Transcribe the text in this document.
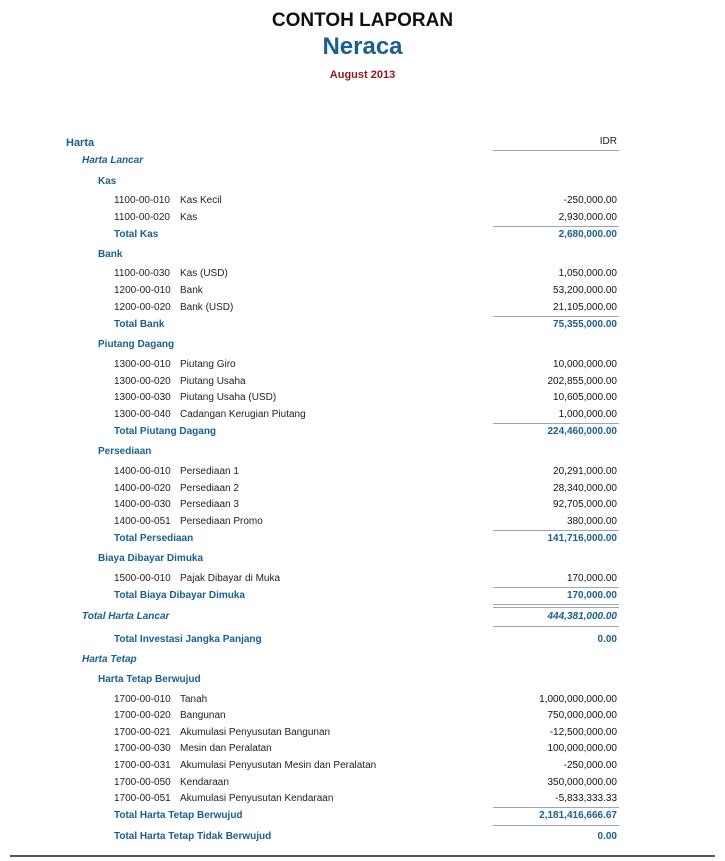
CONTOH LAPORAN
Neraca
August 2013
Harta	IDR
Harta Lancar
Kas
1100-00-010 Kas Kecil	-250,000.00
1100-00-020 Kas	2,930,000.00
Total Kas	2,680,000.00
Bank
1100-00-030 Kas (USD)	1,050,000.00
1200-00-010 Bank	53,200,000.00
1200-00-020 Bank (USD)	21,105,000.00
Total Bank	75,355,000.00
Piutang Dagang
1300-00-010 Piutang Giro	10,000,000.00
1300-00-020 Piutang Usaha	202,855,000.00
1300-00-030 Piutang Usaha (USD)	10,605,000.00
1300-00-040 Cadangan Kerugian Piutang	1,000,000.00
Total Piutang Dagang	224,460,000.00
Persediaan
1400-00-010 Persediaan 1	20,291,000.00
1400-00-020 Persediaan 2	28,340,000.00
1400-00-030 Persediaan 3	92,705,000.00
1400-00-051 Persediaan Promo	380,000.00
Total Persediaan	141,716,000.00
Biaya Dibayar Dimuka
1500-00-010 Pajak Dibayar di Muka	170,000.00
Total Biaya Dibayar Dimuka	170,000.00
Total Harta Lancar	444,381,000.00
Total Investasi Jangka Panjang	0.00
Harta Tetap
Harta Tetap Berwujud
1700-00-010 Tanah	1,000,000,000.00
1700-00-020 Bangunan	750,000,000.00
1700-00-021 Akumulasi Penyusutan Bangunan	-12,500,000.00
1700-00-030 Mesin dan Peralatan	100,000,000.00
1700-00-031 Akumulasi Penyusutan Mesin dan Peralatan	-250,000.00
1700-00-050 Kendaraan	350,000,000.00
1700-00-051 Akumulasi Penyusutan Kendaraan	-5,833,333.33
Total Harta Tetap Berwujud	2,181,416,666.67
Total Harta Tetap Tidak Berwujud	0.00
